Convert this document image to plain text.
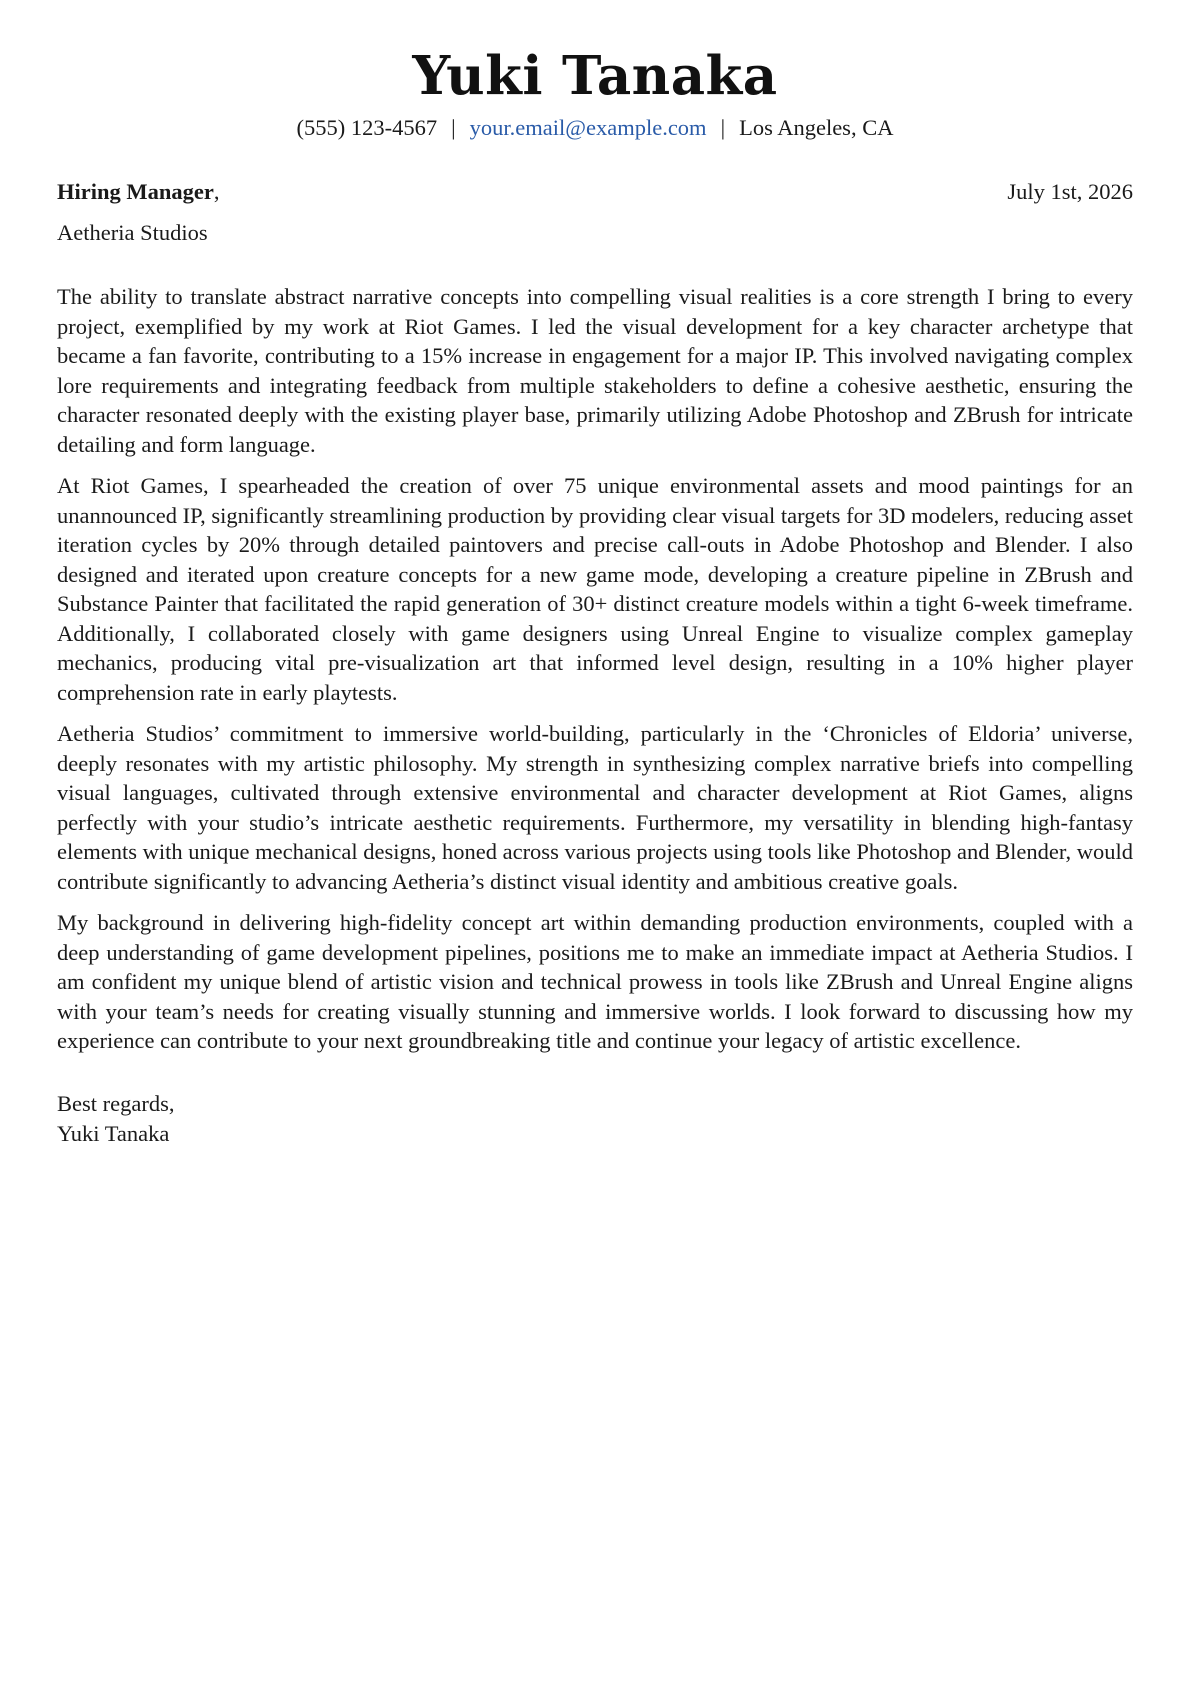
Yuki Tanaka
(555) 123-4567 | your.email@example.com | Los Angeles, CA
Hiring Manager,	July 1st, 2026
Aetheria Studios

The ability to translate abstract narrative concepts into compelling visual realities is a core strength I bring to every project, exemplified by my work at Riot Games. I led the visual development for a key character archetype that became a fan favorite, contributing to a 15% increase in engagement for a major IP. This involved navigating complex lore requirements and integrating feedback from multiple stakeholders to define a cohesive aesthetic, ensuring the character resonated deeply with the existing player base, primarily utilizing Adobe Photoshop and ZBrush for intricate detailing and form language.

At Riot Games, I spearheaded the creation of over 75 unique environmental assets and mood paintings for an unannounced IP, significantly streamlining production by providing clear visual targets for 3D modelers, reducing asset iteration cycles by 20% through detailed paintovers and precise call-outs in Adobe Photoshop and Blender. I also designed and iterated upon creature concepts for a new game mode, developing a creature pipeline in ZBrush and Substance Painter that facilitated the rapid generation of 30+ distinct creature models within a tight 6-week timeframe. Additionally, I collaborated closely with game designers using Unreal Engine to visualize complex gameplay mechanics, producing vital pre-visualization art that informed level design, resulting in a 10% higher player comprehension rate in early playtests.

Aetheria Studios’ commitment to immersive world-building, particularly in the ‘Chronicles of Eldoria’ universe, deeply resonates with my artistic philosophy. My strength in synthesizing complex narrative briefs into compelling visual languages, cultivated through extensive environmental and character development at Riot Games, aligns perfectly with your studio’s intricate aesthetic requirements. Furthermore, my versatility in blending high-fantasy elements with unique mechanical designs, honed across various projects using tools like Photoshop and Blender, would contribute significantly to advancing Aetheria’s distinct visual identity and ambitious creative goals.

My background in delivering high-fidelity concept art within demanding production environments, coupled with a deep understanding of game development pipelines, positions me to make an immediate impact at Aetheria Studios. I am confident my unique blend of artistic vision and technical prowess in tools like ZBrush and Unreal Engine aligns with your team’s needs for creating visually stunning and immersive worlds. I look forward to discussing how my experience can contribute to your next groundbreaking title and continue your legacy of artistic excellence.

Best regards,
Yuki Tanaka
